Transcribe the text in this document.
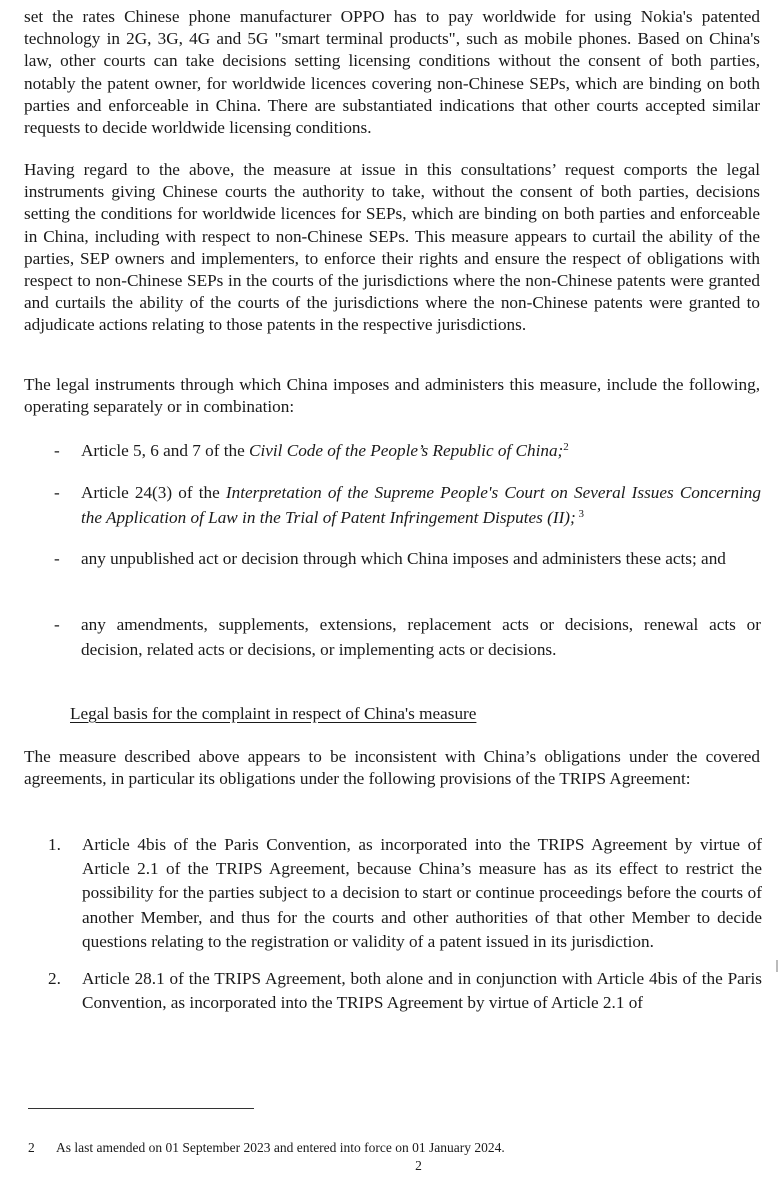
set the rates Chinese phone manufacturer OPPO has to pay worldwide for using Nokia's patented technology in 2G, 3G, 4G and 5G "smart terminal products", such as mobile phones. Based on China's law, other courts can take decisions setting licensing conditions without the consent of both parties, notably the patent owner, for worldwide licences covering non-Chinese SEPs, which are binding on both parties and enforceable in China. There are substantiated indications that other courts accepted similar requests to decide worldwide licensing conditions.

Having regard to the above, the measure at issue in this consultations’ request comports the legal instruments giving Chinese courts the authority to take, without the consent of both parties, decisions setting the conditions for worldwide licences for SEPs, which are binding on both parties and enforceable in China, including with respect to non-Chinese SEPs. This measure appears to curtail the ability of the parties, SEP owners and implementers, to enforce their rights and ensure the respect of obligations with respect to non-Chinese SEPs in the courts of the jurisdictions where the non-Chinese patents were granted and curtails the ability of the courts of the jurisdictions where the non-Chinese patents were granted to adjudicate actions relating to those patents in the respective jurisdictions.

The legal instruments through which China imposes and administers this measure, include the following, operating separately or in combination:

- Article 5, 6 and 7 of the Civil Code of the People’s Republic of China;$^2$
- Article 24(3) of the Interpretation of the Supreme People's Court on Several Issues Concerning the Application of Law in the Trial of Patent Infringement Disputes (II); $^3$
- any unpublished act or decision through which China imposes and administers these acts; and
- any amendments, supplements, extensions, replacement acts or decisions, renewal acts or decision, related acts or decisions, or implementing acts or decisions.
Legal basis for the complaint in respect of China's measure

The measure described above appears to be inconsistent with China’s obligations under the covered agreements, in particular its obligations under the following provisions of the TRIPS Agreement:

1. Article 4bis of the Paris Convention, as incorporated into the TRIPS Agreement by virtue of Article 2.1 of the TRIPS Agreement, because China’s measure has as its effect to restrict the possibility for the parties subject to a decision to start or continue proceedings before the courts of another Member, and thus for the courts and other authorities of that other Member to decide questions relating to the registration or validity of a patent issued in its jurisdiction.
2. Article 28.1 of the TRIPS Agreement, both alone and in conjunction with Article 4bis of the Paris Convention, as incorporated into the TRIPS Agreement by virtue of Article 2.1 of
2 As last amended on 01 September 2023 and entered into force on 01 January 2024.
2
